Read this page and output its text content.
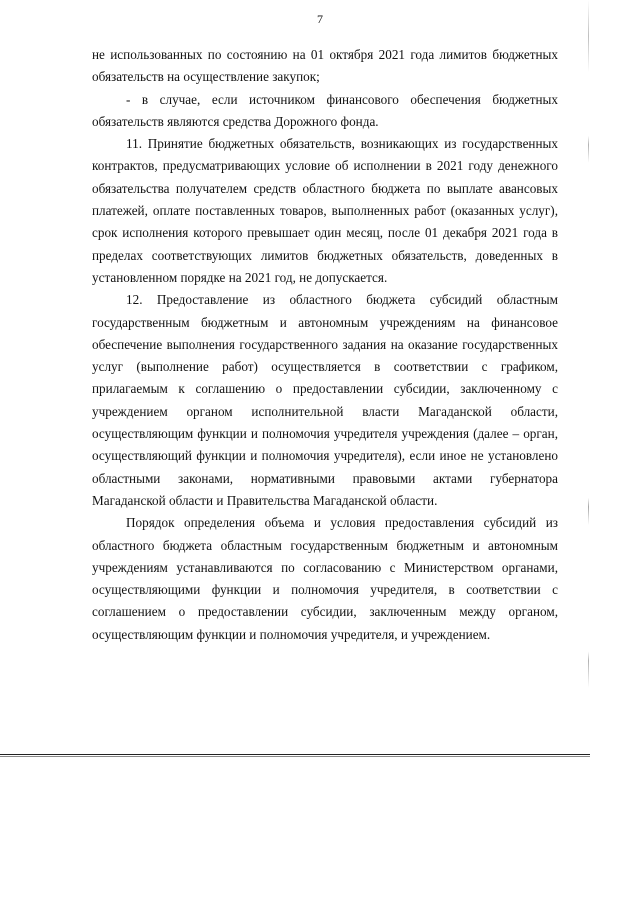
7

не использованных по состоянию на 01 октября 2021 года лимитов бюджетных обязательств на осуществление закупок;

- в случае, если источником финансового обеспечения бюджетных обязательств являются средства Дорожного фонда.

11. Принятие бюджетных обязательств, возникающих из государственных контрактов, предусматривающих условие об исполнении в 2021 году денежного обязательства получателем средств областного бюджета по выплате авансовых платежей, оплате поставленных товаров, выполненных работ (оказанных услуг), срок исполнения которого превышает один месяц, после 01 декабря 2021 года в пределах соответствующих лимитов бюджетных обязательств, доведенных в установленном порядке на 2021 год, не допускается.

12. Предоставление из областного бюджета субсидий областным государственным бюджетным и автономным учреждениям на финансовое обеспечение выполнения государственного задания на оказание государственных услуг (выполнение работ) осуществляется в соответствии с графиком, прилагаемым к соглашению о предоставлении субсидии, заключенному с учреждением органом исполнительной власти Магаданской области, осуществляющим функции и полномочия учредителя учреждения (далее – орган, осуществляющий функции и полномочия учредителя), если иное не установлено областными законами, нормативными правовыми актами губернатора Магаданской области и Правительства Магаданской области.

Порядок определения объема и условия предоставления субсидий из областного бюджета областным государственным бюджетным и автономным учреждениям устанавливаются по согласованию с Министерством органами, осуществляющими функции и полномочия учредителя, в соответствии с соглашением о предоставлении субсидии, заключенным между органом, осуществляющим функции и полномочия учредителя, и учреждением.
